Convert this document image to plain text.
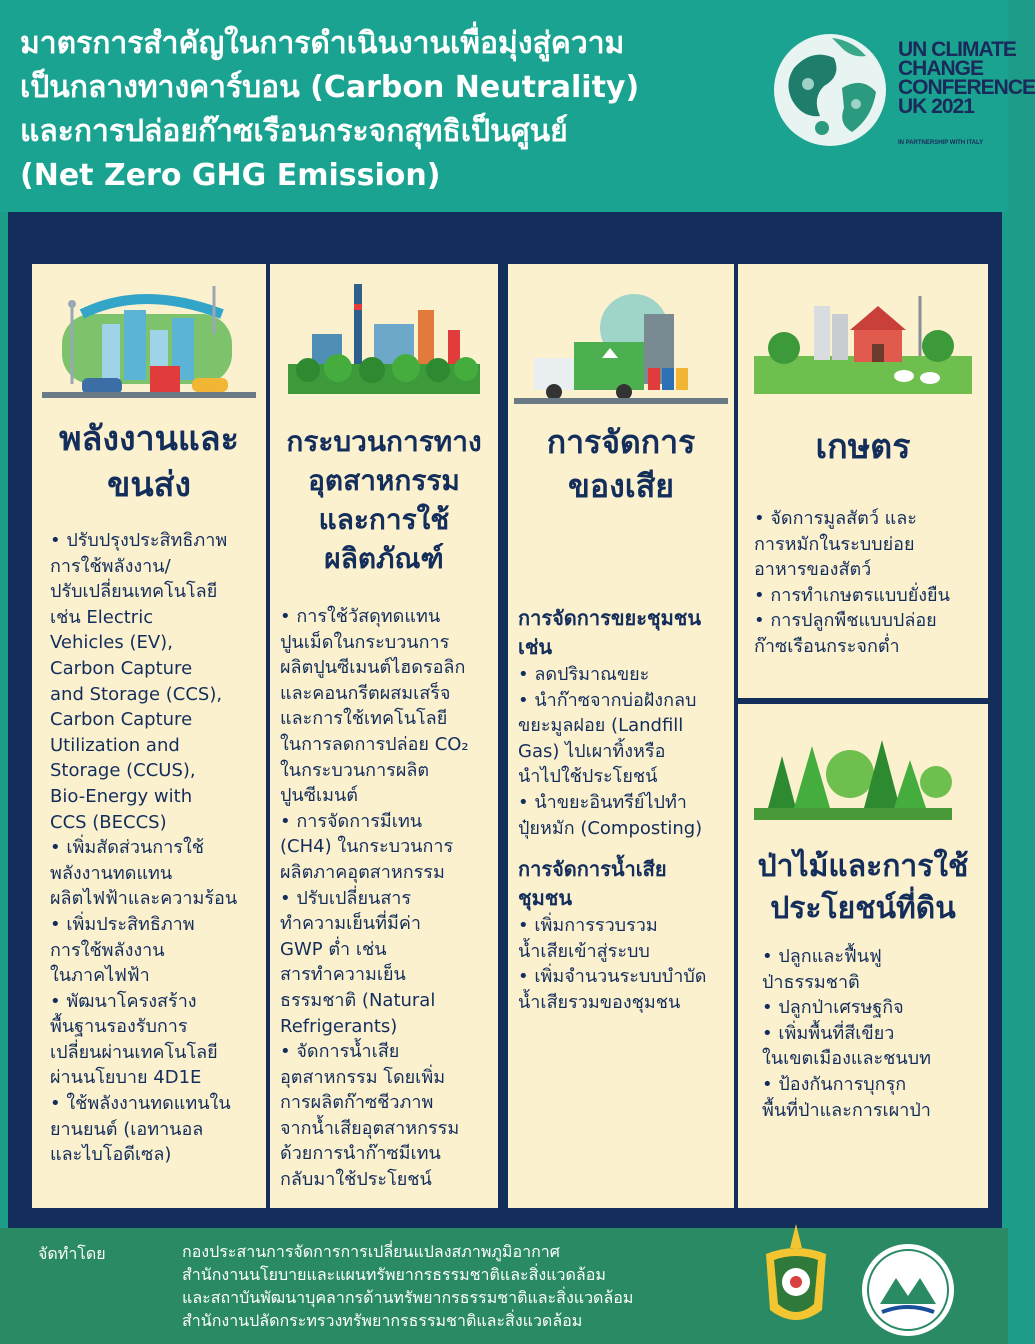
มาตรการสำคัญในการดำเนินงานเพื่อมุ่งสู่ความ
เป็นกลางทางคาร์บอน (Carbon Neutrality)
และการปล่อยก๊าซเรือนกระจกสุทธิเป็นศูนย์
(Net Zero GHG Emission)
UN CLIMATE
CHANGE
CONFERENCE
UK 2021
IN PARTNERSHIP WITH ITALY
พลังงานและ
ขนส่ง
• ปรับปรุงประสิทธิภาพ
การใช้พลังงาน/
ปรับเปลี่ยนเทคโนโลยี
เช่น Electric
Vehicles (EV),
Carbon Capture
and Storage (CCS),
Carbon Capture
Utilization and
Storage (CCUS),
Bio-Energy with
CCS (BECCS)
• เพิ่มสัดส่วนการใช้
พลังงานทดแทน
ผลิตไฟฟ้าและความร้อน
• เพิ่มประสิทธิภาพ
การใช้พลังงาน
ในภาคไฟฟ้า
• พัฒนาโครงสร้าง
พื้นฐานรองรับการ
เปลี่ยนผ่านเทคโนโลยี
ผ่านนโยบาย 4D1E
• ใช้พลังงานทดแทนใน
ยานยนต์ (เอทานอล
และไบโอดีเซล)
กระบวนการทาง
อุตสาหกรรม
และการใช้
ผลิตภัณฑ์
• การใช้วัสดุทดแทน
ปูนเม็ดในกระบวนการ
ผลิตปูนซีเมนต์ไฮดรอลิก
และคอนกรีตผสมเสร็จ
และการใช้เทคโนโลยี
ในการลดการปล่อย CO₂
ในกระบวนการผลิต
ปูนซีเมนต์
• การจัดการมีเทน
(CH4) ในกระบวนการ
ผลิตภาคอุตสาหกรรม
• ปรับเปลี่ยนสาร
ทำความเย็นที่มีค่า
GWP ต่ำ เช่น
สารทำความเย็น
ธรรมชาติ (Natural
Refrigerants)
• จัดการน้ำเสีย
อุตสาหกรรม โดยเพิ่ม
การผลิตก๊าซชีวภาพ
จากน้ำเสียอุตสาหกรรม
ด้วยการนำก๊าซมีเทน
กลับมาใช้ประโยชน์
การจัดการ
ของเสีย
การจัดการขยะชุมชน
เช่น
• ลดปริมาณขยะ
• นำก๊าซจากบ่อฝังกลบ
ขยะมูลฝอย (Landfill
Gas) ไปเผาทิ้งหรือ
นำไปใช้ประโยชน์
• นำขยะอินทรีย์ไปทำ
ปุ๋ยหมัก (Composting)
การจัดการน้ำเสีย
ชุมชน
• เพิ่มการรวบรวม
น้ำเสียเข้าสู่ระบบ
• เพิ่มจำนวนระบบบำบัด
น้ำเสียรวมของชุมชน
เกษตร
• จัดการมูลสัตว์ และ
การหมักในระบบย่อย
อาหารของสัตว์
• การทำเกษตรแบบยั่งยืน
• การปลูกพืชแบบปล่อย
ก๊าซเรือนกระจกต่ำ
ป่าไม้และการใช้
ประโยชน์ที่ดิน
• ปลูกและฟื้นฟู
ป่าธรรมชาติ
• ปลูกป่าเศรษฐกิจ
• เพิ่มพื้นที่สีเขียว
ในเขตเมืองและชนบท
• ป้องกันการบุกรุก
พื้นที่ป่าและการเผาป่า
จัดทำโดย	กองประสานการจัดการการเปลี่ยนแปลงสภาพภูมิอากาศ
สำนักงานนโยบายและแผนทรัพยากรธรรมชาติและสิ่งแวดล้อม
และสถาบันพัฒนาบุคลากรด้านทรัพยากรธรรมชาติและสิ่งแวดล้อม
สำนักงานปลัดกระทรวงทรัพยากรธรรมชาติและสิ่งแวดล้อม
